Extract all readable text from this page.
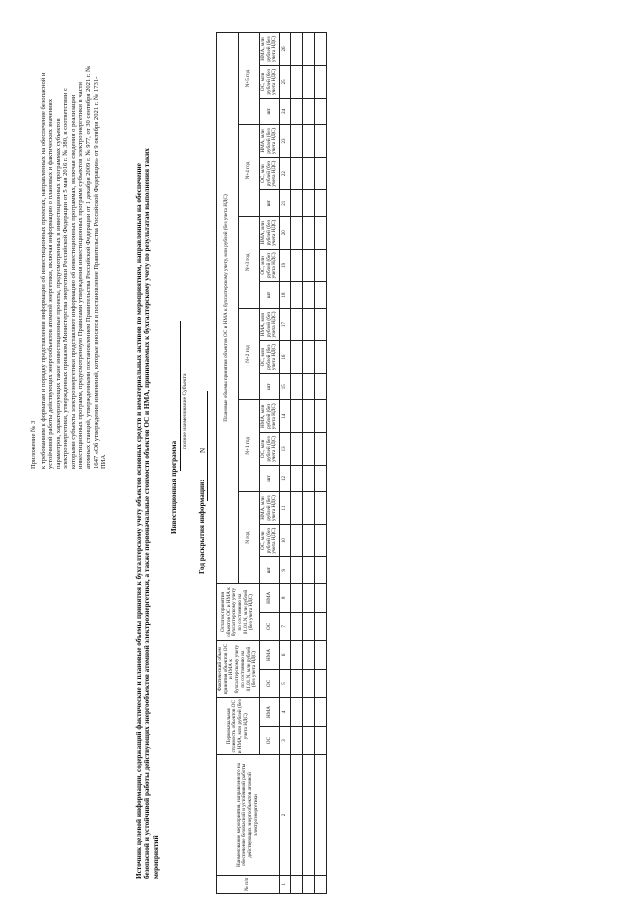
Приложение № 3 к требованиям к форматам и порядку представления информации об инвестиционных проектах, направленных на обеспечение безопасной и устойчивой работы действующих энергообъектов атомной энергетики, включая информацию о плановых и фактических значениях параметров, характеризующих такие инвестиционные проекты, предусмотренных в инвестиционных программах субъектов электроэнергетики, утвержденных приказом Министерства энергетики Российской Федерации от 5 мая 2016 г. № 380, в соответствии с которыми субъекты электроэнергетики представляют информацию об инвестиционных программах, включая сведения о реализации инвестиционных программ, предусмотренную Правилами утверждения инвестиционных программ субъектов электроэнергетики в части атомных станций, утвержденными постановлением Правительства Российской Федерации от 1 декабря 2009 г. № 977, от 30 сентября 2021 г. № 1647 «Об утверждении изменений, которые вносятся в постановление Правительства Российской Федерации» от 9 октября 2021 г. № 1731-ПИА	Источник целевой информации, содержащий фактические и плановые объемы принятия к бухгалтерскому учету объектов основных средств и нематериальных активов по мероприятиям, направленным на обеспечение безопасной и устойчивой работы действующих энергообъектов атомной электроэнергетики, а также первоначальные стоимости объектов ОС и НМА, принимаемых к бухгалтерскому учету по результатам выполнения таких мероприятий
Инвестиционная программа
полное наименование Субъекта
Год раскрытия информации:
N
№ п/п	Наименование мероприятия, направленного на обеспечение безопасной и устойчивой работы действующих энергообъектов атомной электроэнергетики	Первоначальная стоимость объектов ОС и НМА, млн рублей (без учета НДС)		Фактический объем принятия объектов ОС и НМА к бухгалтерскому учету по состоянию на 01.01.N, млн рублей (без учета НДС)		Остаток принятия объектов ОС и НМА к бухгалтерскому учету по состоянию на 01.01.N, млн рублей (без учета НДС)		Плановые объемы принятия объектов ОС и НМА к бухгалтерскому учету, млн рублей (без учета НДС)																	
								N год			N+1 год			N+2 год			N+3 год			N+4 год			N+5 год		
		ОС	НМА	ОС	НМА	ОС	НМА	шт	ОС, млн рублей (без учета НДС)	НМА, млн рублей (без учета НДС)	шт	ОС, млн рублей (без учета НДС)	НМА, млн рублей (без учета НДС)	шт	ОС, млн рублей (без учета НДС)	НМА, млн рублей (без учета НДС)	шт	ОС, млн рублей (без учета НДС)	НМА, млн рублей (без учета НДС)	шт	ОС, млн рублей (без учета НДС)	НМА, млн рублей (без учета НДС)	шт	ОС, млн рублей (без учета НДС)	НМА, млн рублей (без учета НДС)
1	2	3	4	5	6	7	8	9	10	11	12	13	14	15	16	17	18	19	20	21	22	23	24	25	26
